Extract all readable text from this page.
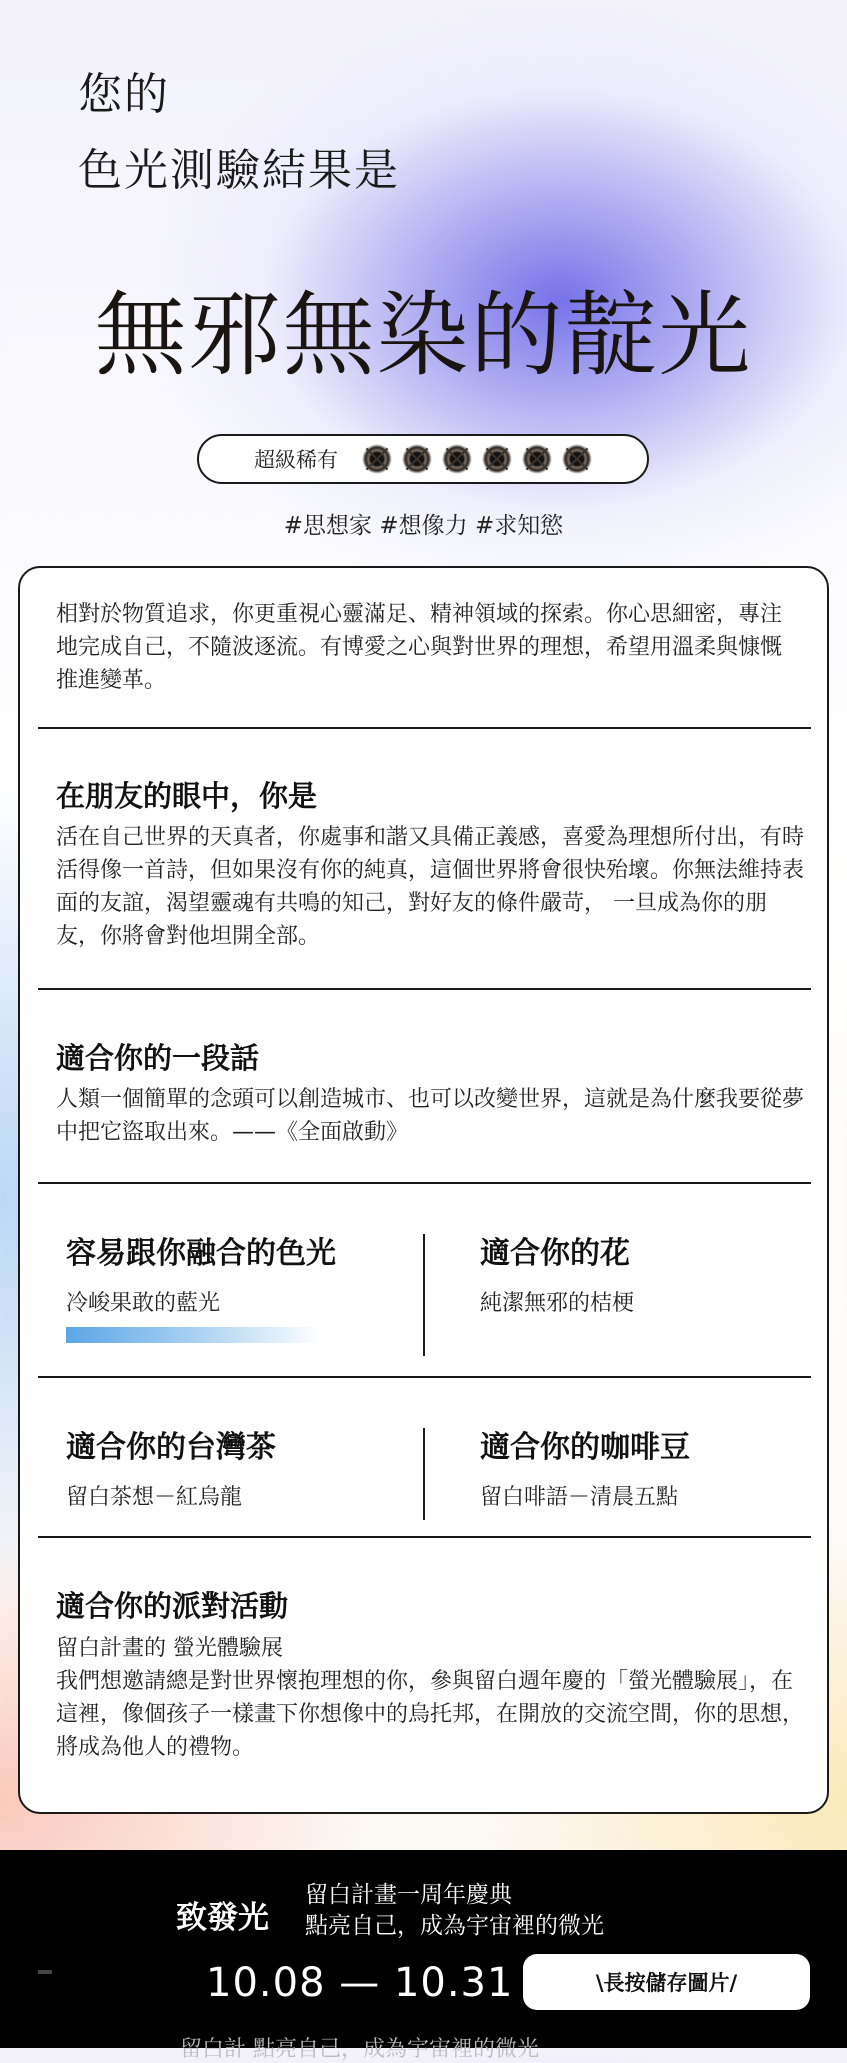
您的
色光測驗結果是
無邪無染的靛光
超級稀有
#思想家 #想像力 #求知慾
相對於物質追求，你更重視心靈滿足、精神領域的探索。你心思細密，專注地完成自己，不隨波逐流。有博愛之心與對世界的理想，希望用溫柔與慷慨推進變革。
在朋友的眼中，你是
活在自己世界的天真者，你處事和諧又具備正義感，喜愛為理想所付出，有時活得像一首詩，但如果沒有你的純真，這個世界將會很快殆壞。你無法維持表面的友誼，渴望靈魂有共鳴的知己，對好友的條件嚴苛， 一旦成為你的朋友，你將會對他坦開全部。
適合你的一段話
人類一個簡單的念頭可以創造城市、也可以改變世界，這就是為什麼我要從夢中把它盜取出來。——《全面啟動》
容易跟你融合的色光
冷峻果敢的藍光
適合你的花
純潔無邪的桔梗
適合你的台灣茶
留白茶想－紅烏龍
適合你的咖啡豆
留白啡語－清晨五點
適合你的派對活動
留白計畫的 螢光體驗展
我們想邀請總是對世界懷抱理想的你，參與留白週年慶的「螢光體驗展」，在這裡，像個孩子一樣畫下你想像中的烏托邦，在開放的交流空間，你的思想，將成為他人的禮物。
致發光
留白計畫一周年慶典
點亮自己，成為宇宙裡的微光
10.08 — 10.31	\長按儲存圖片/
留白計 點亮自己，成為宇宙裡的微光
